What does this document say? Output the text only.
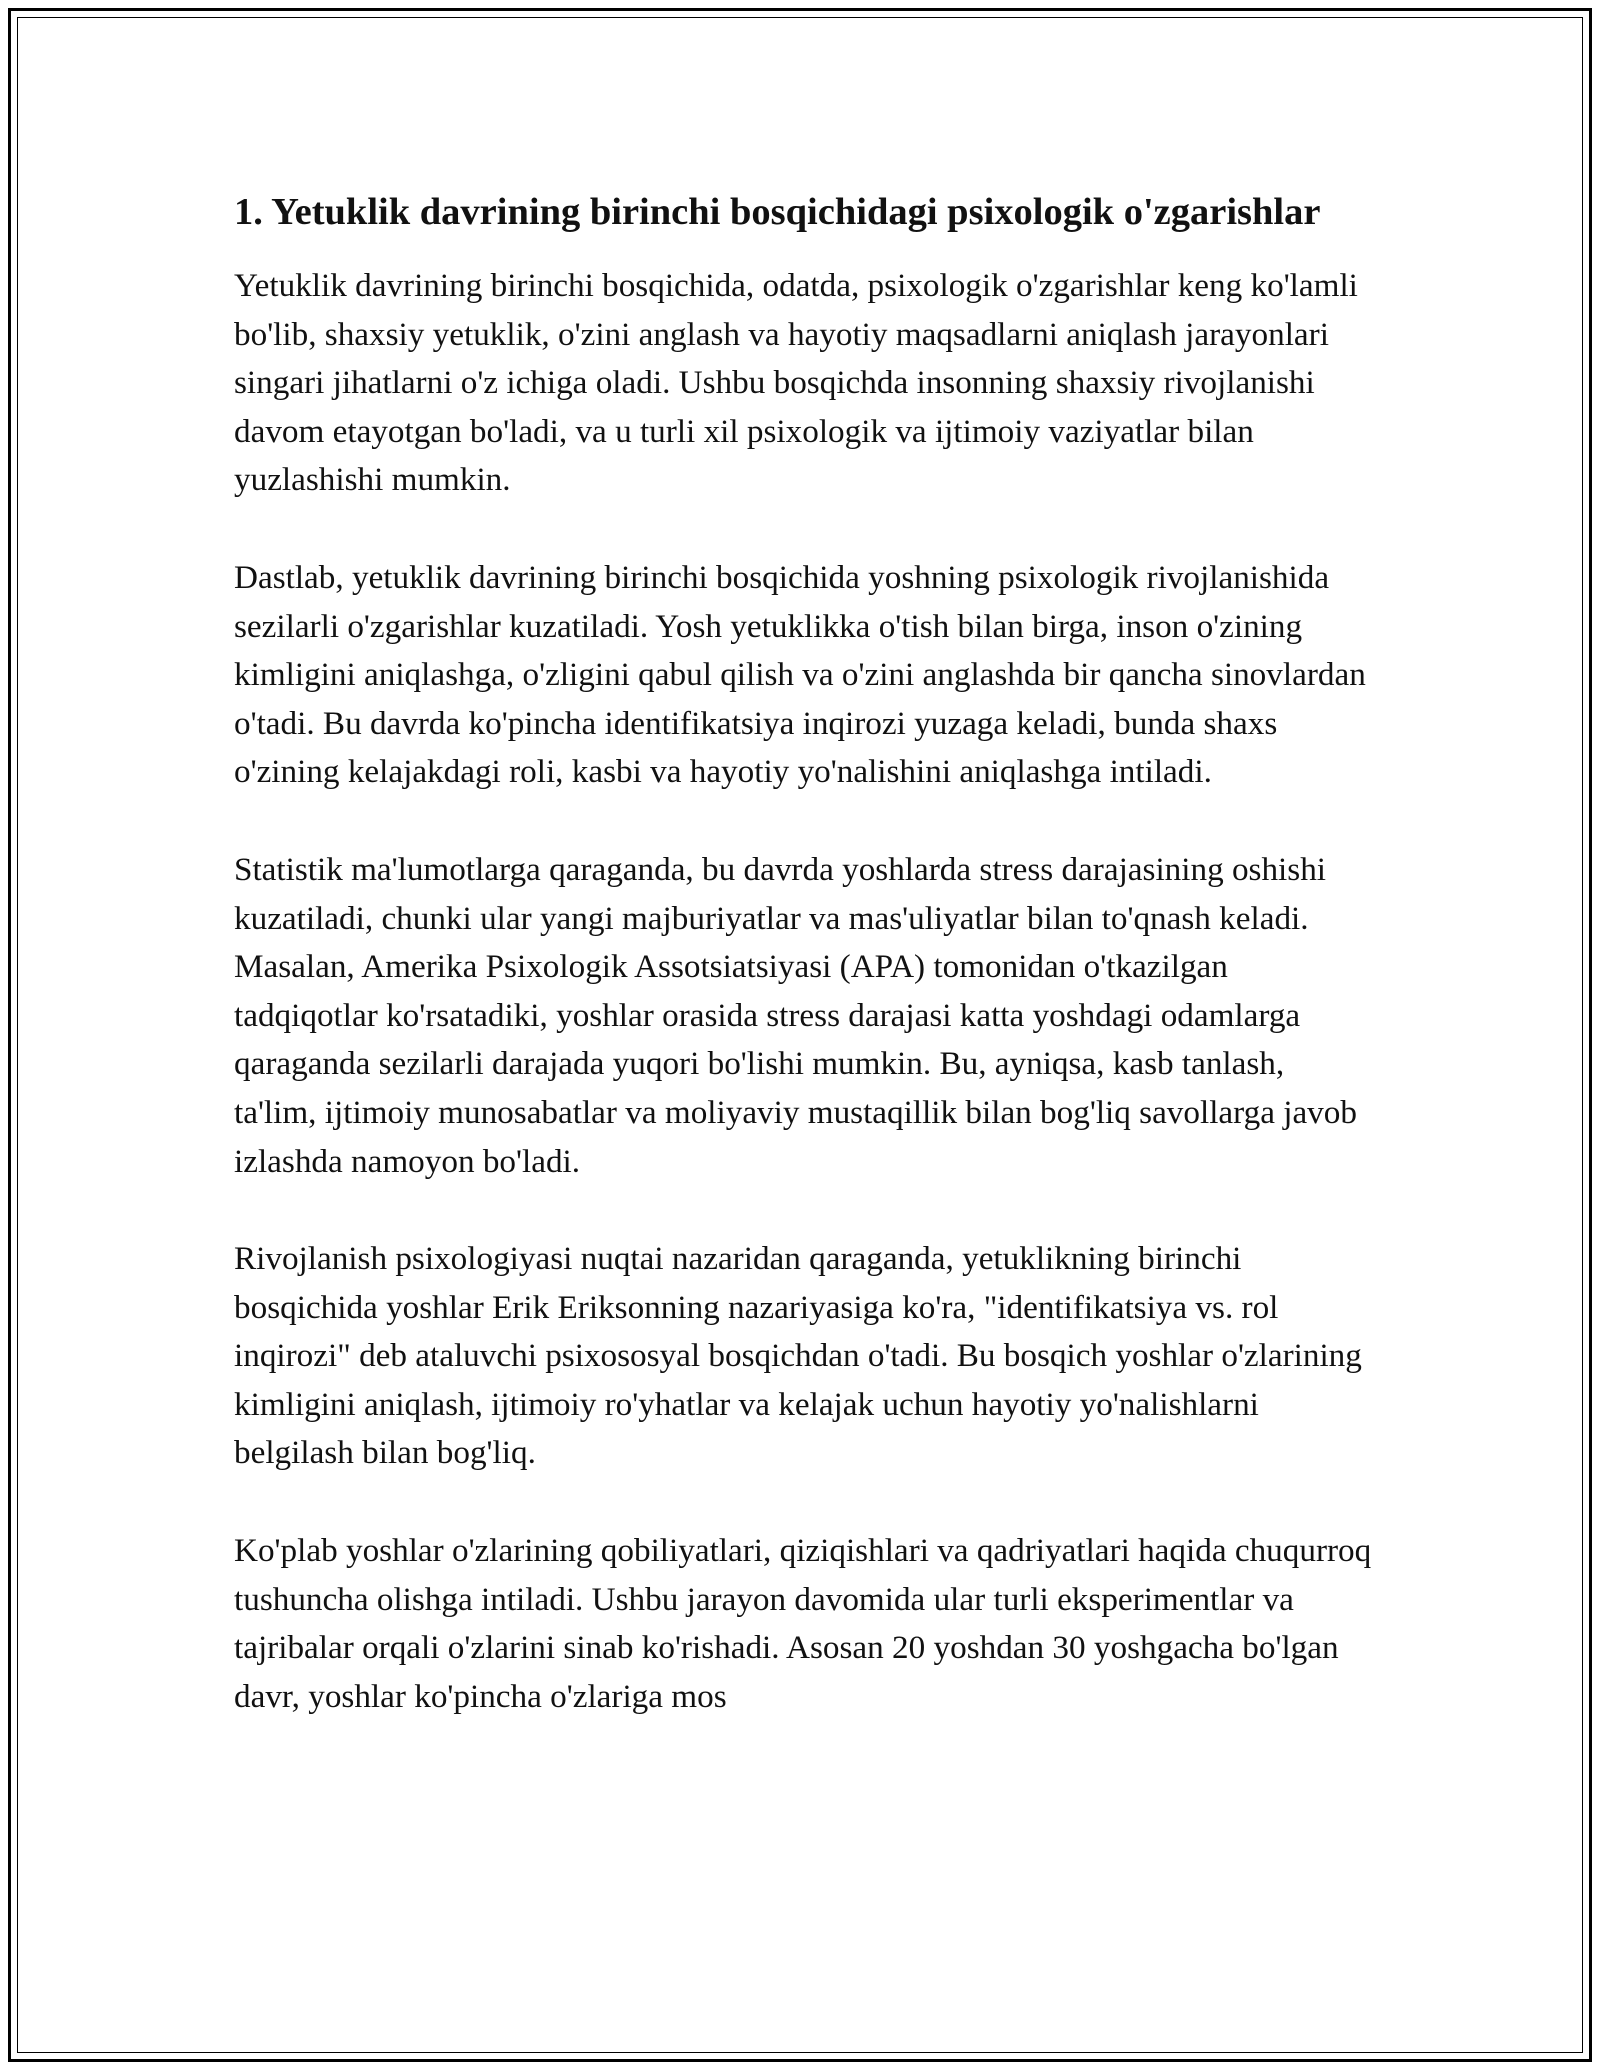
1. Yetuklik davrining birinchi bosqichidagi psixologik o'zgarishlar

Yetuklik davrining birinchi bosqichida, odatda, psixologik o'zgarishlar keng ko'lamli bo'lib, shaxsiy yetuklik, o'zini anglash va hayotiy maqsadlarni aniqlash jarayonlari singari jihatlarni o'z ichiga oladi. Ushbu bosqichda insonning shaxsiy rivojlanishi davom etayotgan bo'ladi, va u turli xil psixologik va ijtimoiy vaziyatlar bilan yuzlashishi mumkin.

Dastlab, yetuklik davrining birinchi bosqichida yoshning psixologik rivojlanishida sezilarli o'zgarishlar kuzatiladi. Yosh yetuklikka o'tish bilan birga, inson o'zining kimligini aniqlashga, o'zligini qabul qilish va o'zini anglashda bir qancha sinovlardan o'tadi. Bu davrda ko'pincha identifikatsiya inqirozi yuzaga keladi, bunda shaxs o'zining kelajakdagi roli, kasbi va hayotiy yo'nalishini aniqlashga intiladi.

Statistik ma'lumotlarga qaraganda, bu davrda yoshlarda stress darajasining oshishi kuzatiladi, chunki ular yangi majburiyatlar va mas'uliyatlar bilan to'qnash keladi. Masalan, Amerika Psixologik Assotsiatsiyasi (APA) tomonidan o'tkazilgan tadqiqotlar ko'rsatadiki, yoshlar orasida stress darajasi katta yoshdagi odamlarga qaraganda sezilarli darajada yuqori bo'lishi mumkin. Bu, ayniqsa, kasb tanlash, ta'lim, ijtimoiy munosabatlar va moliyaviy mustaqillik bilan bog'liq savollarga javob izlashda namoyon bo'ladi.

Rivojlanish psixologiyasi nuqtai nazaridan qaraganda, yetuklikning birinchi bosqichida yoshlar Erik Eriksonning nazariyasiga ko'ra, "identifikatsiya vs. rol inqirozi" deb ataluvchi psixososyal bosqichdan o'tadi. Bu bosqich yoshlar o'zlarining kimligini aniqlash, ijtimoiy ro'yhatlar va kelajak uchun hayotiy yo'nalishlarni belgilash bilan bog'liq.

Ko'plab yoshlar o'zlarining qobiliyatlari, qiziqishlari va qadriyatlari haqida chuqurroq tushuncha olishga intiladi. Ushbu jarayon davomida ular turli eksperimentlar va tajribalar orqali o'zlarini sinab ko'rishadi. Asosan 20 yoshdan 30 yoshgacha bo'lgan davr, yoshlar ko'pincha o'zlariga mos
